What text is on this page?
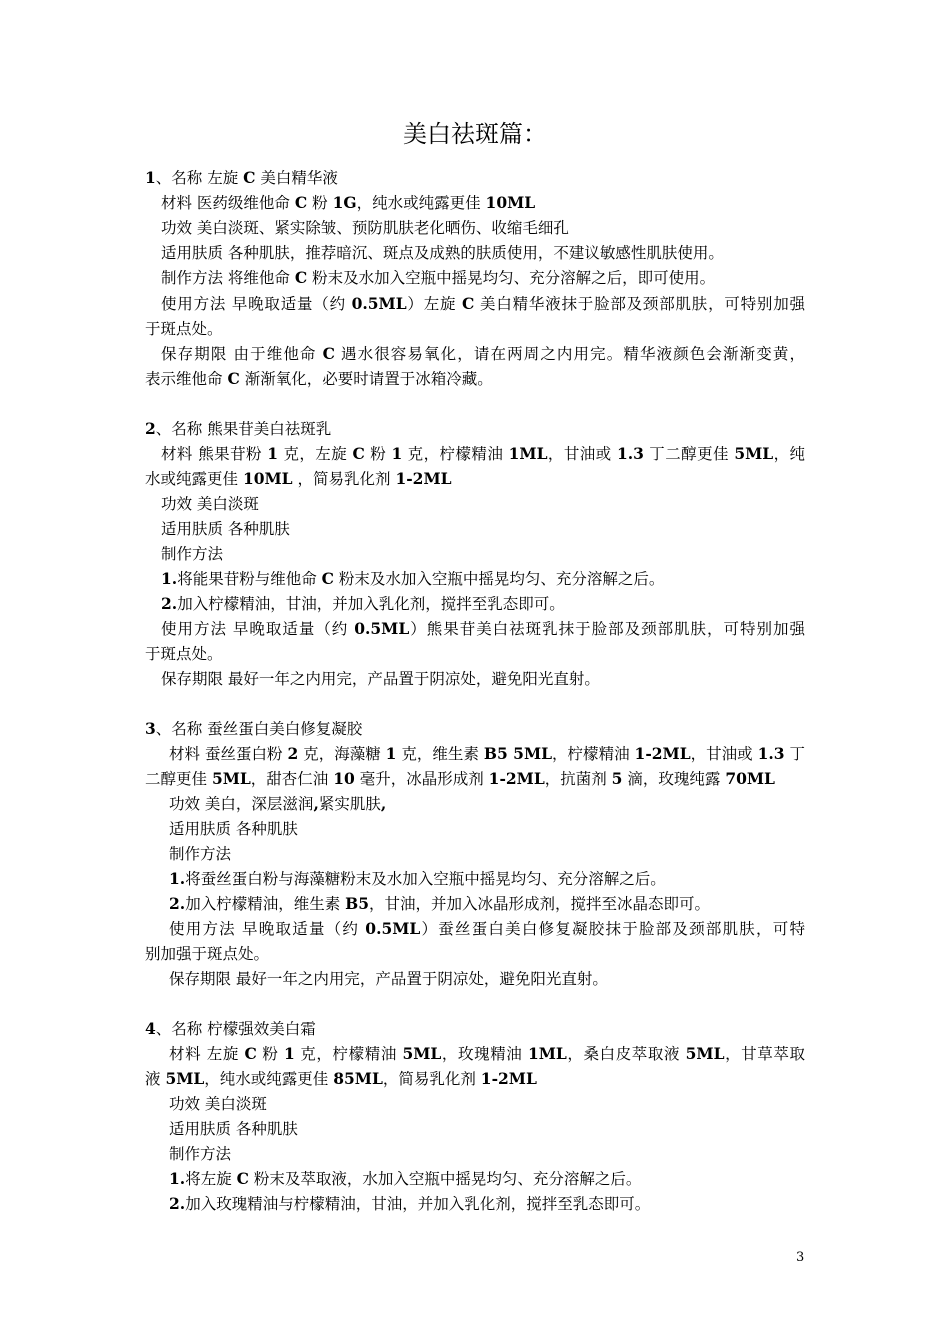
美白祛斑篇：
1、名称 左旋 C 美白精华液
材料 医药级维他命 C 粉 1G，纯水或纯露更佳 10ML
功效 美白淡斑、紧实除皱、预防肌肤老化晒伤、收缩毛细孔
适用肤质 各种肌肤，推荐暗沉、斑点及成熟的肤质使用，不建议敏感性肌肤使用。
制作方法 将维他命 C 粉末及水加入空瓶中摇晃均匀、充分溶解之后，即可使用。
使用方法 早晚取适量（约 0.5ML）左旋 C 美白精华液抹于脸部及颈部肌肤，可特别加强
于斑点处。
保存期限 由于维他命 C 遇水很容易氧化，请在两周之内用完。精华液颜色会渐渐变黄，
表示维他命 C 渐渐氧化，必要时请置于冰箱冷藏。
2、名称 熊果苷美白祛斑乳
材料 熊果苷粉 1 克，左旋 C 粉 1 克，柠檬精油 1ML，甘油或 1.3 丁二醇更佳 5ML，纯
水或纯露更佳 10ML ，简易乳化剂 1-2ML
功效 美白淡斑
适用肤质 各种肌肤
制作方法
1.将能果苷粉与维他命 C 粉末及水加入空瓶中摇晃均匀、充分溶解之后。
2.加入柠檬精油，甘油，并加入乳化剂，搅拌至乳态即可。
使用方法 早晚取适量（约 0.5ML）熊果苷美白祛斑乳抹于脸部及颈部肌肤，可特别加强
于斑点处。
保存期限 最好一年之内用完，产品置于阴凉处，避免阳光直射。
3、名称 蚕丝蛋白美白修复凝胶
材料 蚕丝蛋白粉 2 克，海藻糖 1 克，维生素 B5 5ML，柠檬精油 1-2ML，甘油或 1.3 丁
二醇更佳 5ML，甜杏仁油 10 毫升，冰晶形成剂 1-2ML，抗菌剂 5 滴，玫瑰纯露 70ML
功效 美白，深层滋润,紧实肌肤,
适用肤质 各种肌肤
制作方法
1.将蚕丝蛋白粉与海藻糖粉末及水加入空瓶中摇晃均匀、充分溶解之后。
2.加入柠檬精油，维生素 B5，甘油，并加入冰晶形成剂，搅拌至冰晶态即可。
使用方法 早晚取适量（约 0.5ML）蚕丝蛋白美白修复凝胶抹于脸部及颈部肌肤，可特
别加强于斑点处。
保存期限 最好一年之内用完，产品置于阴凉处，避免阳光直射。
4、名称 柠檬强效美白霜
材料 左旋 C 粉 1 克，柠檬精油 5ML，玫瑰精油 1ML，桑白皮萃取液 5ML，甘草萃取
液 5ML，纯水或纯露更佳 85ML，简易乳化剂 1-2ML
功效 美白淡斑
适用肤质 各种肌肤
制作方法
1.将左旋 C 粉末及萃取液，水加入空瓶中摇晃均匀、充分溶解之后。
2.加入玫瑰精油与柠檬精油，甘油，并加入乳化剂，搅拌至乳态即可。
3
